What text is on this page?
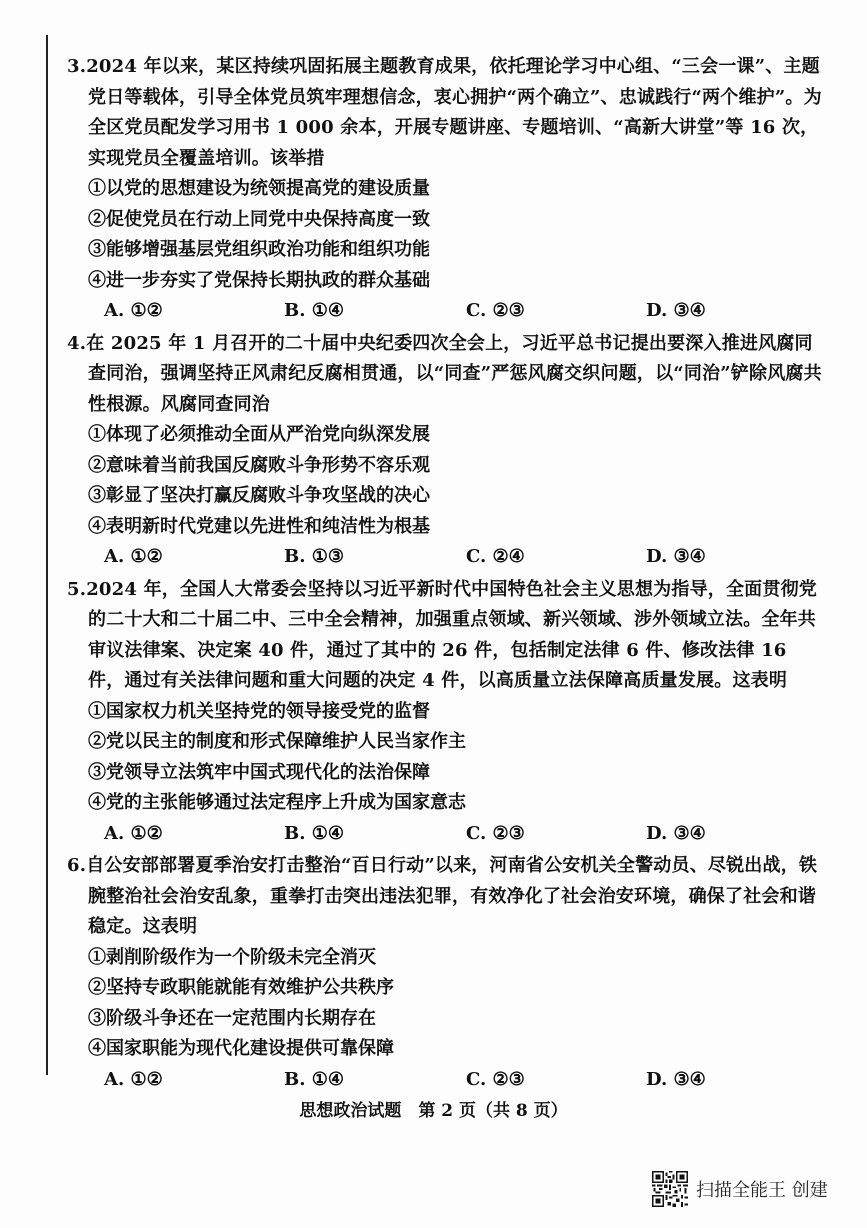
3.2024 年以来，某区持续巩固拓展主题教育成果，依托理论学习中心组、“三会一课”、主题党日等载体，引导全体党员筑牢理想信念，衷心拥护“两个确立”、忠诚践行“两个维护”。为全区党员配发学习用书 1 000 余本，开展专题讲座、专题培训、“高新大讲堂”等 16 次，实现党员全覆盖培训。该举措

①以党的思想建设为统领提高党的建设质量

②促使党员在行动上同党中央保持高度一致

③能够增强基层党组织政治功能和组织功能

④进一步夯实了党保持长期执政的群众基础

A. ①②	B. ①④	C. ②③	D. ③④

4.在 2025 年 1 月召开的二十届中央纪委四次全会上，习近平总书记提出要深入推进风腐同查同治，强调坚持正风肃纪反腐相贯通，以“同查”严惩风腐交织问题，以“同治”铲除风腐共性根源。风腐同查同治

①体现了必须推动全面从严治党向纵深发展

②意味着当前我国反腐败斗争形势不容乐观

③彰显了坚决打赢反腐败斗争攻坚战的决心

④表明新时代党建以先进性和纯洁性为根基

A. ①②	B. ①③	C. ②④	D. ③④

5.2024 年，全国人大常委会坚持以习近平新时代中国特色社会主义思想为指导，全面贯彻党的二十大和二十届二中、三中全会精神，加强重点领域、新兴领域、涉外领域立法。全年共审议法律案、决定案 40 件，通过了其中的 26 件，包括制定法律 6 件、修改法律 16 件，通过有关法律问题和重大问题的决定 4 件，以高质量立法保障高质量发展。这表明

①国家权力机关坚持党的领导接受党的监督

②党以民主的制度和形式保障维护人民当家作主

③党领导立法筑牢中国式现代化的法治保障

④党的主张能够通过法定程序上升成为国家意志

A. ①②	B. ①④	C. ②③	D. ③④

6.自公安部部署夏季治安打击整治“百日行动”以来，河南省公安机关全警动员、尽锐出战，铁腕整治社会治安乱象，重拳打击突出违法犯罪，有效净化了社会治安环境，确保了社会和谐稳定。这表明

①剥削阶级作为一个阶级未完全消灭

②坚持专政职能就能有效维护公共秩序

③阶级斗争还在一定范围内长期存在

④国家职能为现代化建设提供可靠保障

A. ①②	B. ①④	C. ②③	D. ③④
思想政治试题　第 2 页（共 8 页）
扫描全能王 创建
